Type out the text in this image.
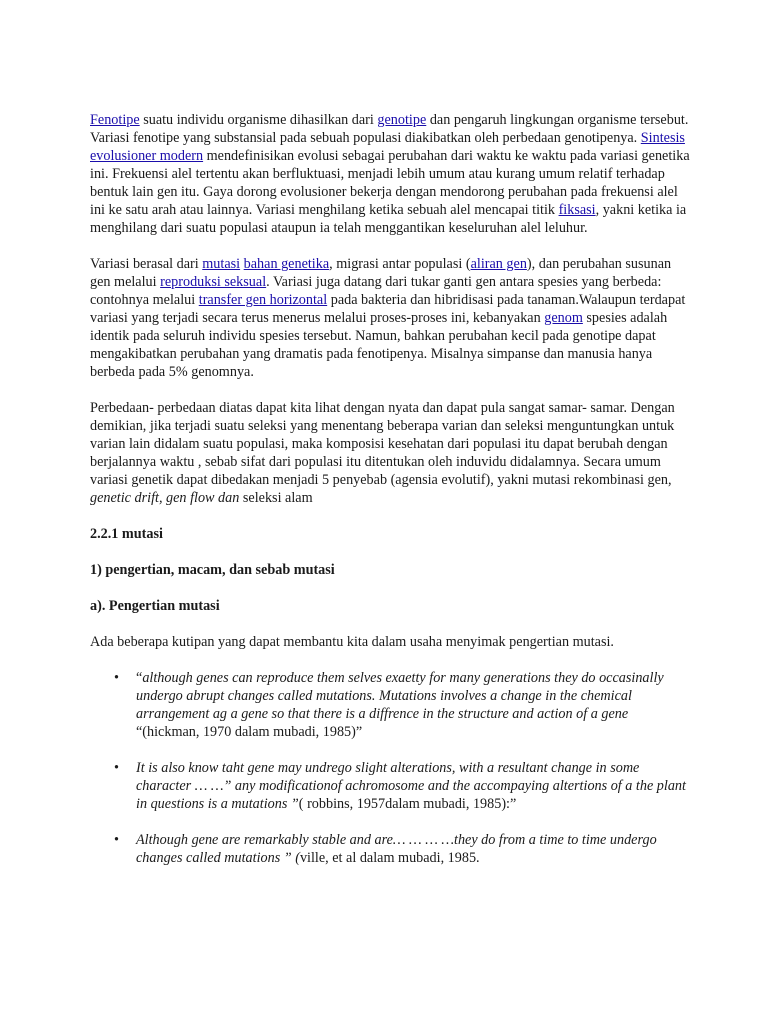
Fenotipe suatu individu organisme dihasilkan dari genotipe dan pengaruh lingkungan organisme tersebut. Variasi fenotipe yang substansial pada sebuah populasi diakibatkan oleh perbedaan genotipenya. Sintesis evolusioner modern mendefinisikan evolusi sebagai perubahan dari waktu ke waktu pada variasi genetika ini. Frekuensi alel tertentu akan berfluktuasi, menjadi lebih umum atau kurang umum relatif terhadap bentuk lain gen itu. Gaya dorong evolusioner bekerja dengan mendorong perubahan pada frekuensi alel ini ke satu arah atau lainnya. Variasi menghilang ketika sebuah alel mencapai titik fiksasi, yakni ketika ia menghilang dari suatu populasi ataupun ia telah menggantikan keseluruhan alel leluhur.

Variasi berasal dari mutasi bahan genetika, migrasi antar populasi (aliran gen), dan perubahan susunan gen melalui reproduksi seksual. Variasi juga datang dari tukar ganti gen antara spesies yang berbeda: contohnya melalui transfer gen horizontal pada bakteria dan hibridisasi pada tanaman.Walaupun terdapat variasi yang terjadi secara terus menerus melalui proses-proses ini, kebanyakan genom spesies adalah identik pada seluruh individu spesies tersebut. Namun, bahkan perubahan kecil pada genotipe dapat mengakibatkan perubahan yang dramatis pada fenotipenya. Misalnya simpanse dan manusia hanya berbeda pada 5% genomnya.

Perbedaan- perbedaan diatas dapat kita lihat dengan nyata dan dapat pula sangat samar- samar. Dengan demikian, jika terjadi suatu seleksi yang menentang beberapa varian dan seleksi menguntungkan untuk varian lain didalam suatu populasi, maka komposisi kesehatan dari populasi itu dapat berubah dengan berjalannya waktu , sebab sifat dari populasi itu ditentukan oleh induvidu didalamnya. Secara umum variasi genetik dapat dibedakan menjadi 5 penyebab (agensia evolutif), yakni mutasi rekombinasi gen, genetic drift, gen flow dan seleksi alam

2.2.1 mutasi
1) pengertian, macam, dan sebab mutasi
a). Pengertian mutasi

Ada beberapa kutipan yang dapat membantu kita dalam usaha menyimak pengertian mutasi.

• “although genes can reproduce them selves exaetty for many generations they do occasinally undergo abrupt changes called mutations. Mutations involves a change in the chemical arrangement ag a gene so that there is a diffrence in the structure and action of a gene “(hickman, 1970 dalam mubadi, 1985)”
• It is also know taht gene may undrego slight alterations, with a resultant change in some character … …” any modificationof achromosome and the accompaying altertions of a the plant in questions is a mutations ”( robbins, 1957dalam mubadi, 1985):”
• Although gene are remarkably stable and are… … … …they do from a time to time undergo changes called mutations ” (ville, et al dalam mubadi, 1985.
